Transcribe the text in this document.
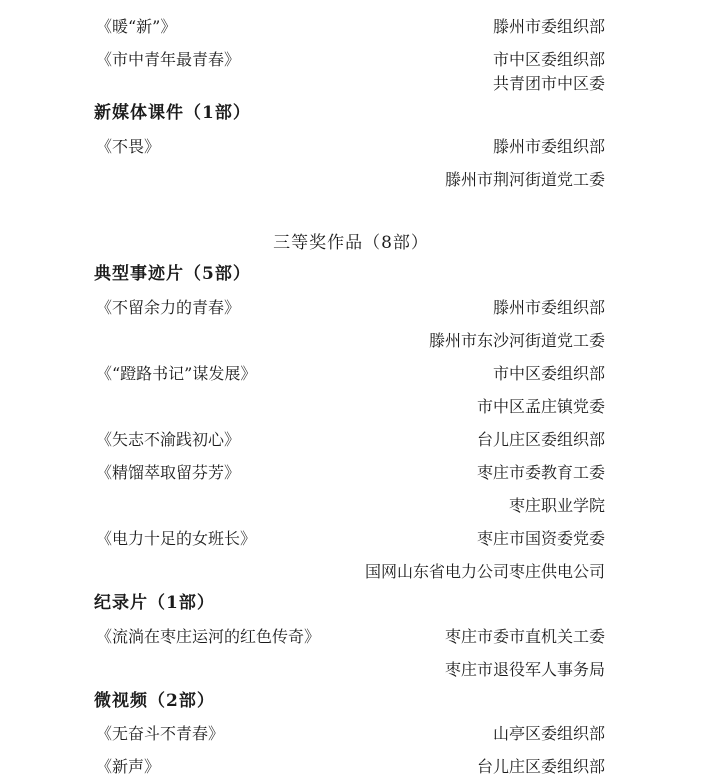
《暖“新”》	滕州市委组织部
《市中青年最青春》	市中区委组织部
共青团市中区委
新媒体课件（1部）
《不畏》	滕州市委组织部
滕州市荆河街道党工委
三等奖作品（8部）
典型事迹片（5部）
《不留余力的青春》	滕州市委组织部
滕州市东沙河街道党工委
《“蹬路书记”谋发展》	市中区委组织部
市中区孟庄镇党委
《矢志不渝践初心》	台儿庄区委组织部
《精馏萃取留芬芳》	枣庄市委教育工委
枣庄职业学院
《电力十足的女班长》	枣庄市国资委党委
国网山东省电力公司枣庄供电公司
纪录片（1部）
《流淌在枣庄运河的红色传奇》	枣庄市委市直机关工委
枣庄市退役军人事务局
微视频（2部）
《无奋斗不青春》	山亭区委组织部
《新声》	台儿庄区委组织部
